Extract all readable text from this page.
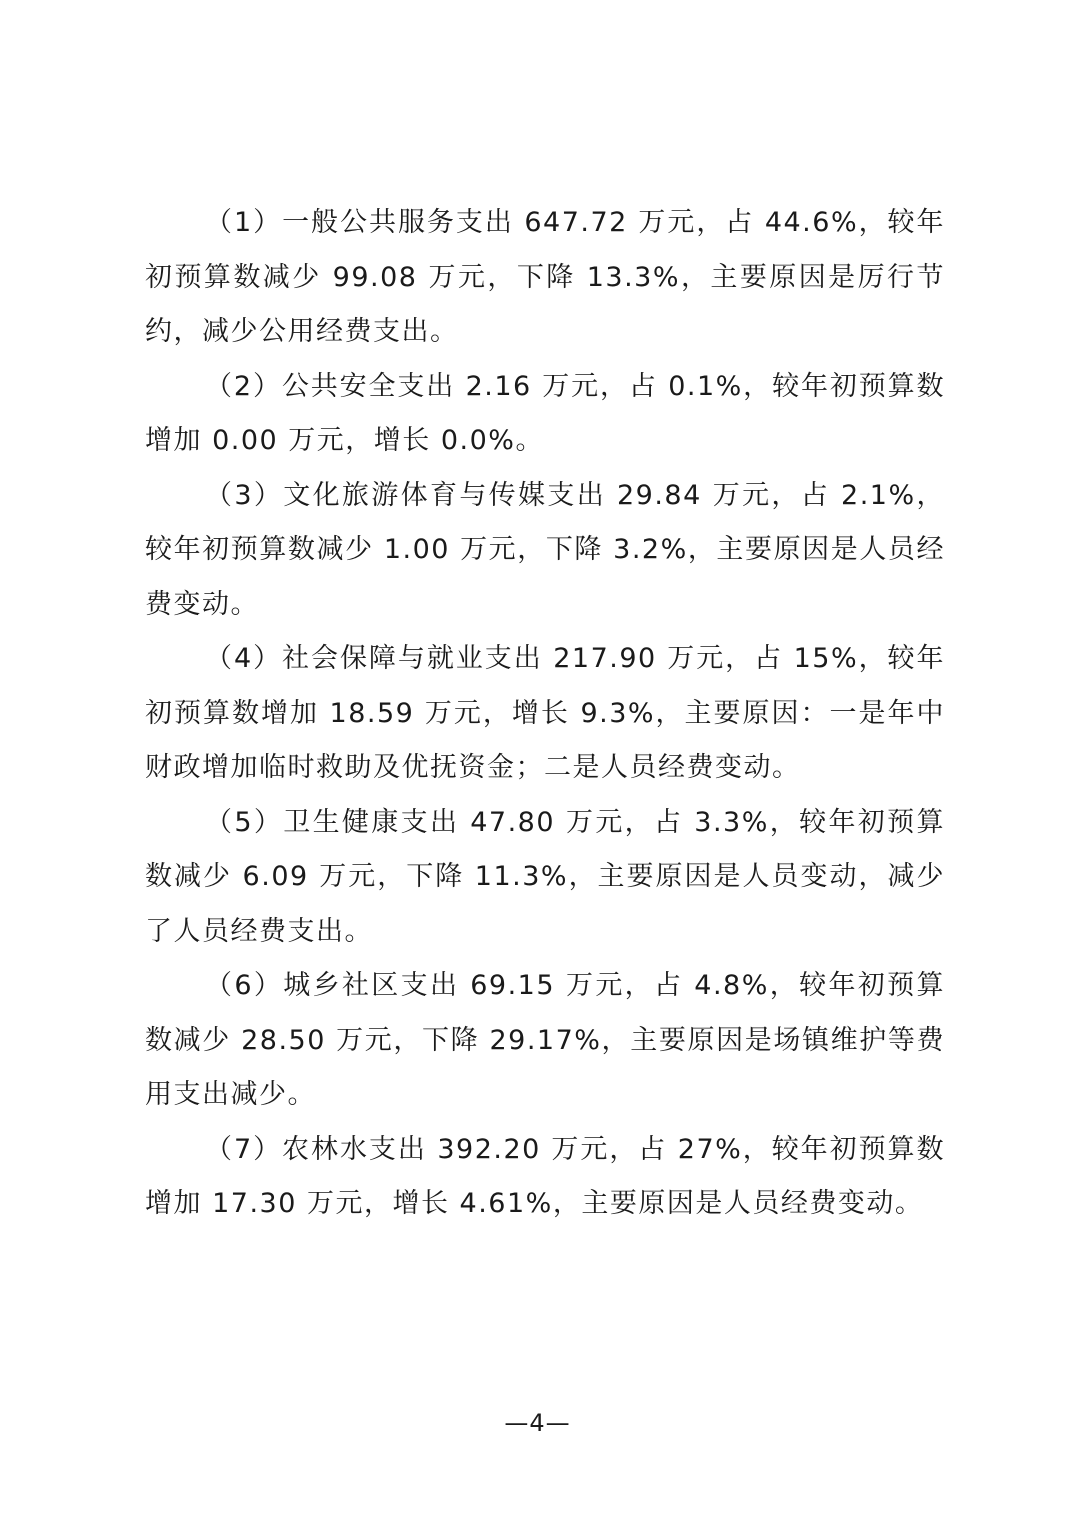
（1）一般公共服务支出 647.72 万元，占 44.6%，较年初预算数减少 99.08 万元，下降 13.3%，主要原因是厉行节约，减少公用经费支出。

（2）公共安全支出 2.16 万元，占 0.1%，较年初预算数增加 0.00 万元，增长 0.0%。

（3）文化旅游体育与传媒支出 29.84 万元，占 2.1%，较年初预算数减少 1.00 万元，下降 3.2%，主要原因是人员经费变动。

（4）社会保障与就业支出 217.90 万元，占 15%，较年初预算数增加 18.59 万元，增长 9.3%，主要原因：一是年中财政增加临时救助及优抚资金；二是人员经费变动。

（5）卫生健康支出 47.80 万元，占 3.3%，较年初预算数减少 6.09 万元，下降 11.3%，主要原因是人员变动，减少了人员经费支出。

（6）城乡社区支出 69.15 万元，占 4.8%，较年初预算数减少 28.50 万元，下降 29.17%，主要原因是场镇维护等费用支出减少。

（7）农林水支出 392.20 万元，占 27%，较年初预算数增加 17.30 万元，增长 4.61%，主要原因是人员经费变动。

—4—
